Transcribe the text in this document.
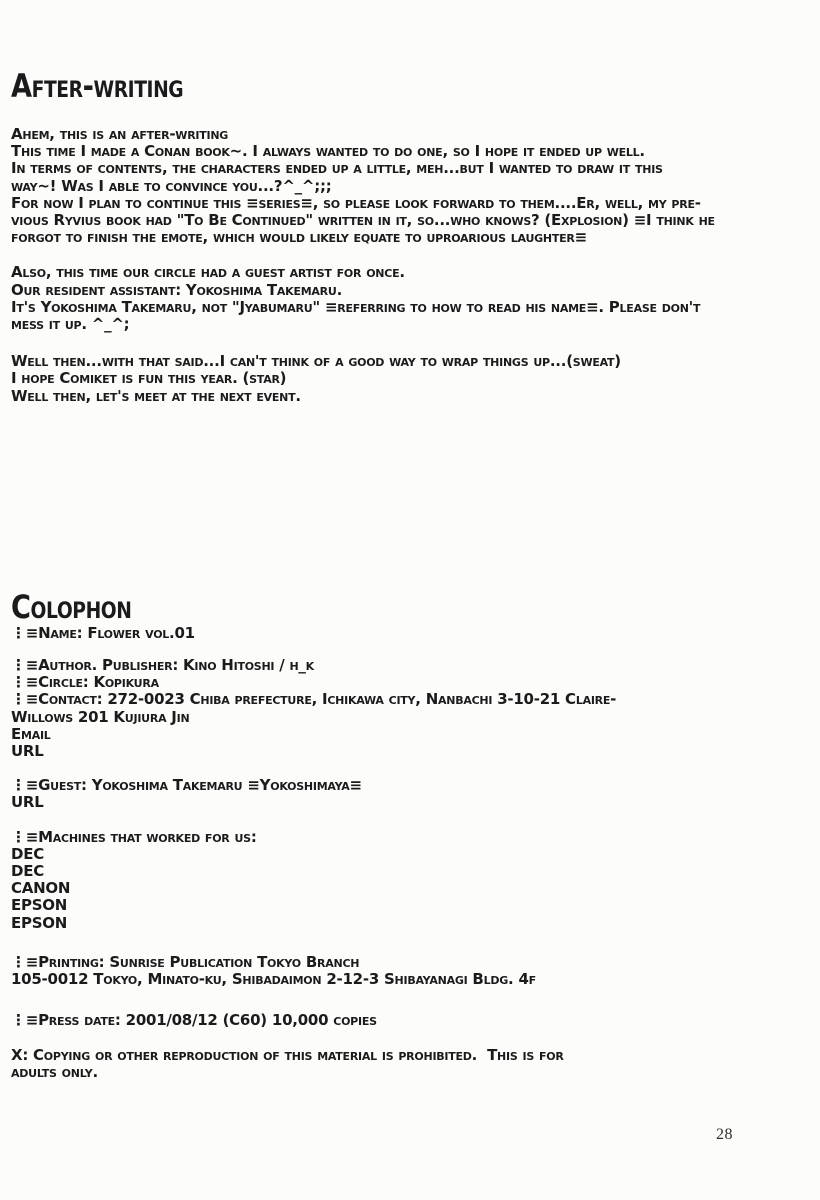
After-writing
Ahem, this is an after-writing
This time I made a Conan book~. I always wanted to do one, so I hope it ended up well.
In terms of contents, the characters ended up a little, meh...but I wanted to draw it this
way~! Was I able to convince you...?^_^;;;
For now I plan to continue this ≡series≡, so please look forward to them....Er, well, my pre-
vious Ryvius book had "To Be Continued" written in it, so...who knows? (Explosion) ≡I think he
forgot to finish the emote, which would likely equate to uproarious laughter≡
Also, this time our circle had a guest artist for once.
Our resident assistant: Yokoshima Takemaru.
It's Yokoshima Takemaru, not "Jyabumaru" ≡referring to how to read his name≡. Please don't
mess it up. ^_^;
Well then...with that said...I can't think of a good way to wrap things up...(sweat)
I hope Comiket is fun this year. (star)
Well then, let's meet at the next event.
Colophon
⋮≡Name: Flower vol.01
⋮≡Author. Publisher: Kino Hitoshi / h_k
⋮≡Circle: Kopikura
⋮≡Contact: 272-0023 Chiba prefecture, Ichikawa city, Nanbachi 3-10-21 Claire-
Willows 201 Kujiura Jin
Email
URL
⋮≡Guest: Yokoshima Takemaru ≡Yokoshimaya≡
URL
⋮≡Machines that worked for us:
DEC
DEC
CANON
EPSON
EPSON
⋮≡Printing: Sunrise Publication Tokyo Branch
105-0012 Tokyo, Minato-ku, Shibadaimon 2-12-3 Shibayanagi Bldg. 4f
⋮≡Press date: 2001/08/12 (C60) 10,000 copies
X: Copying or other reproduction of this material is prohibited.  This is for
adults only.
28
